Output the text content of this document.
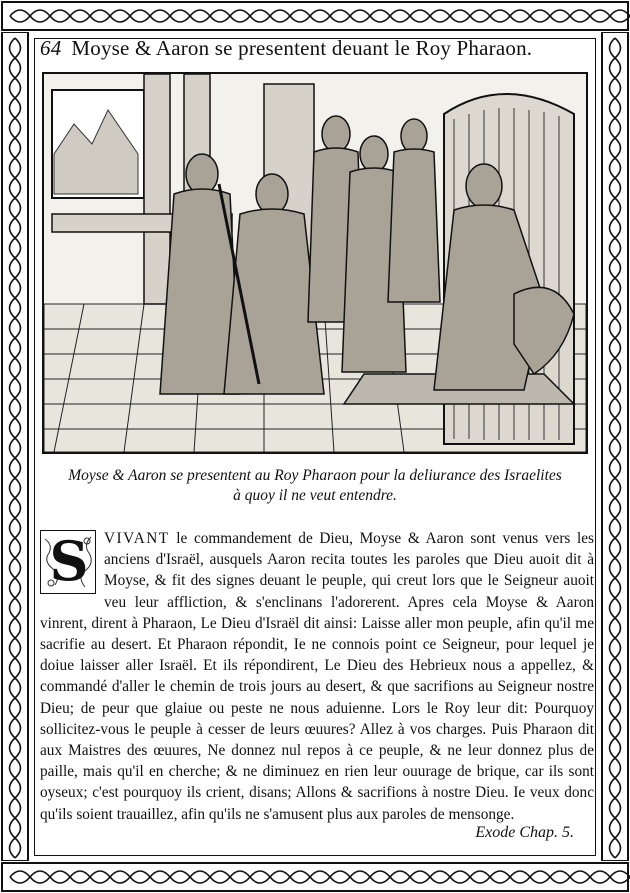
64 Moyse & Aaron se presentent deuant le Roy Pharaon.
Moyse & Aaron se presentent au Roy Pharaon pour la deliurance des Israelites
à quoy il ne veut entendre.
S	VIVANT le commandement de Dieu, Moyse & Aaron sont venus vers les anciens d'Israël, ausquels Aaron recita toutes les paroles que Dieu auoit dit à Moyse, & fit des signes deuant le peuple, qui creut lors que le Seigneur auoit veu leur affliction, & s'enclinans l'adorerent. Apres cela Moyse & Aaron vinrent, dirent à Pharaon, Le Dieu d'Israël dit ainsi: Laisse aller mon peuple, afin qu'il me sacrifie au desert. Et Pharaon répondit, Ie ne connois point ce Seigneur, pour lequel je doiue laisser aller Israël. Et ils répondirent, Le Dieu des Hebrieux nous a appellez, & commandé d'aller le chemin de trois jours au desert, & que sacrifions au Seigneur nostre Dieu; de peur que glaiue ou peste ne nous aduienne. Lors le Roy leur dit: Pourquoy sollicitez-vous le peuple à cesser de leurs œuures? Allez à vos charges. Puis Pharaon dit aux Maistres des œuures, Ne donnez nul repos à ce peuple, & ne leur donnez plus de paille, mais qu'il en cherche; & ne diminuez en rien leur ouurage de brique, car ils sont oyseux; c'est pourquoy ils crient, disans; Allons & sacrifions à nostre Dieu. Ie veux donc qu'ils soient trauaillez, afin qu'ils ne s'amusent plus aux paroles de mensonge.
Exode Chap. 5.
